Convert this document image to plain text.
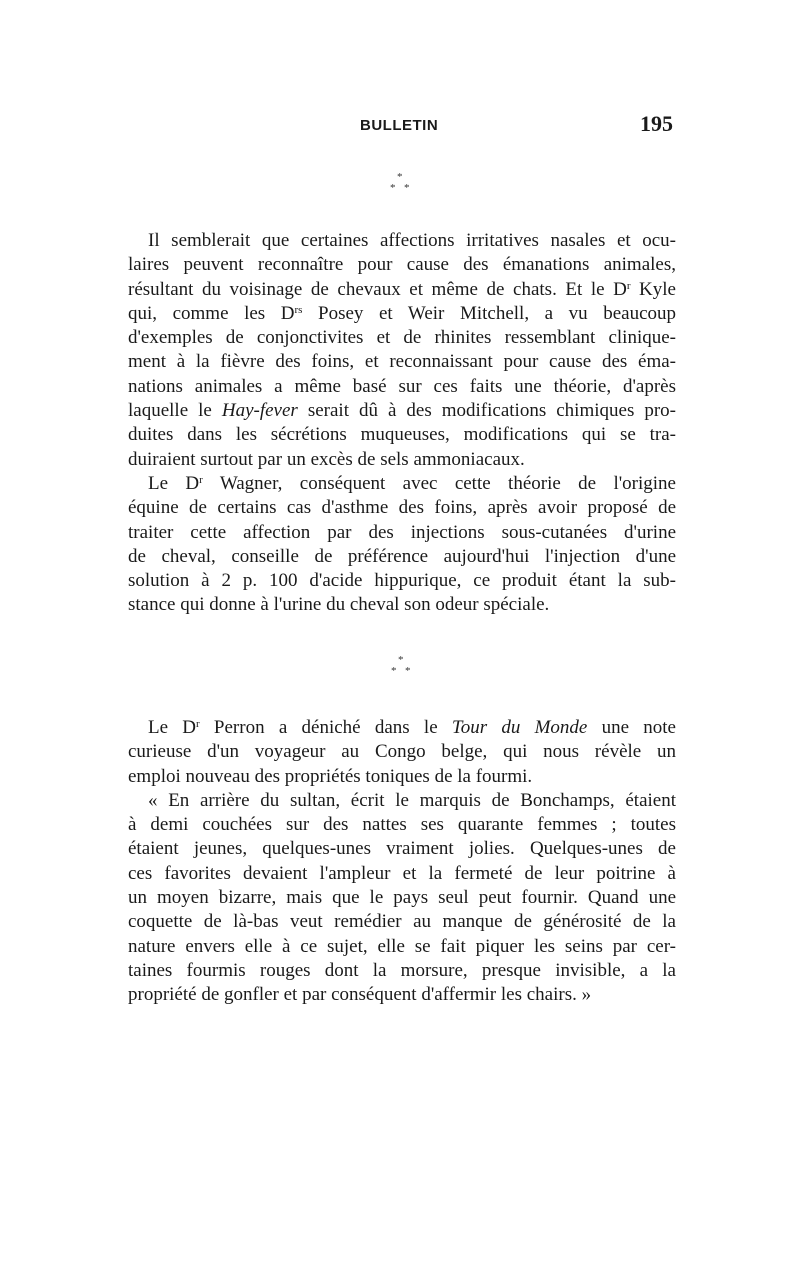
BULLETIN	195
*
* *

Il semblerait que certaines affections irritatives nasales et ocu-
laires peuvent reconnaître pour cause des émanations animales,
résultant du voisinage de chevaux et même de chats. Et le $D^r$ Kyle
qui, comme les $D^{rs}$ Posey et Weir Mitchell, a vu beaucoup
d'exemples de conjonctivites et de rhinites ressemblant clinique-
ment à la fièvre des foins, et reconnaissant pour cause des éma-
nations animales a même basé sur ces faits une théorie, d'après
laquelle le Hay-fever serait dû à des modifications chimiques pro-
duites dans les sécrétions muqueuses, modifications qui se tra-
duiraient surtout par un excès de sels ammoniacaux.

Le $D^r$ Wagner, conséquent avec cette théorie de l'origine
équine de certains cas d'asthme des foins, après avoir proposé de
traiter cette affection par des injections sous-cutanées d'urine
de cheval, conseille de préférence aujourd'hui l'injection d'une
solution à 2 p. 100 d'acide hippurique, ce produit étant la sub-
stance qui donne à l'urine du cheval son odeur spéciale.

*
* *

Le $D^r$ Perron a déniché dans le Tour du Monde une note
curieuse d'un voyageur au Congo belge, qui nous révèle un
emploi nouveau des propriétés toniques de la fourmi.

« En arrière du sultan, écrit le marquis de Bonchamps, étaient
à demi couchées sur des nattes ses quarante femmes ; toutes
étaient jeunes, quelques-unes vraiment jolies. Quelques-unes de
ces favorites devaient l'ampleur et la fermeté de leur poitrine à
un moyen bizarre, mais que le pays seul peut fournir. Quand une
coquette de là-bas veut remédier au manque de générosité de la
nature envers elle à ce sujet, elle se fait piquer les seins par cer-
taines fourmis rouges dont la morsure, presque invisible, a la
propriété de gonfler et par conséquent d'affermir les chairs. »
